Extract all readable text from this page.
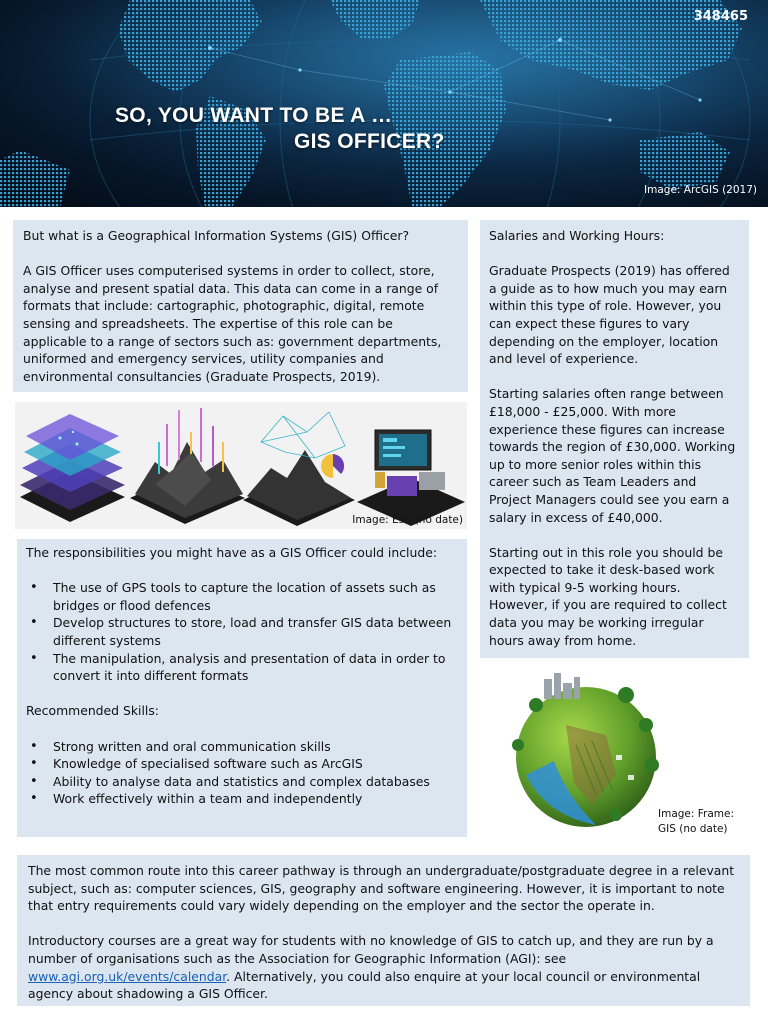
348465
SO, YOU WANT TO BE A …
GIS OFFICER?
Image: ArcGIS (2017)

But what is a Geographical Information Systems (GIS) Officer?

A GIS Officer uses computerised systems in order to collect, store, analyse and present spatial data. This data can come in a range of formats that include: cartographic, photographic, digital, remote sensing and spreadsheets. The expertise of this role can be applicable to a range of sectors such as: government departments, uniformed and emergency services, utility companies and environmental consultancies (Graduate Prospects, 2019).

Image: Esri (no date)

The responsibilities you might have as a GIS Officer could include:

• The use of GPS tools to capture the location of assets such as bridges or flood defences
• Develop structures to store, load and transfer GIS data between different systems
• The manipulation, analysis and presentation of data in order to convert it into different formats

Recommended Skills:

• Strong written and oral communication skills
• Knowledge of specialised software such as ArcGIS
• Ability to analyse data and statistics and complex databases
• Work effectively within a team and independently

Salaries and Working Hours:

Graduate Prospects (2019) has offered a guide as to how much you may earn within this type of role. However, you can expect these figures to vary depending on the employer, location and level of experience.

Starting salaries often range between £18,000 - £25,000. With more experience these figures can increase towards the region of £30,000. Working up to more senior roles within this career such as Team Leaders and Project Managers could see you earn a salary in excess of £40,000.

Starting out in this role you should be expected to take it desk-based work with typical 9-5 working hours. However, if you are required to collect data you may be working irregular hours away from home.

Image: Frame: GIS (no date)

The most common route into this career pathway is through an undergraduate/postgraduate degree in a relevant subject, such as: computer sciences, GIS, geography and software engineering. However, it is important to note that entry requirements could vary widely depending on the employer and the sector the operate in.

Introductory courses are a great way for students with no knowledge of GIS to catch up, and they are run by a number of organisations such as the Association for Geographic Information (AGI): see www.agi.org.uk/events/calendar. Alternatively, you could also enquire at your local council or environmental agency about shadowing a GIS Officer.
